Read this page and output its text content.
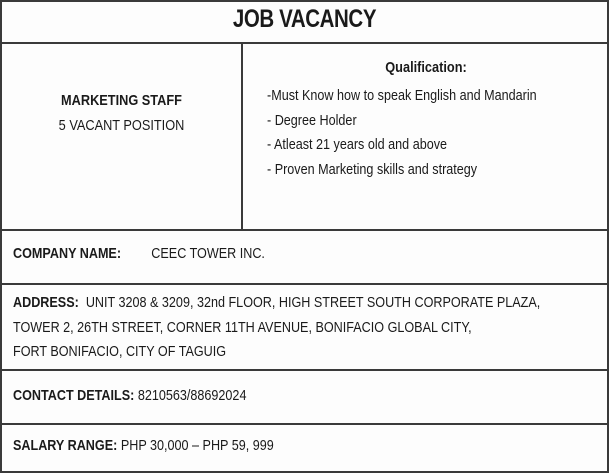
JOB VACANCY
MARKETING STAFF
5 VACANT POSITION
Qualification:
-Must Know how to speak English and Mandarin
- Degree Holder
- Atleast 21 years old and above
- Proven Marketing skills and strategy
COMPANY NAME: CEEC TOWER INC.
ADDRESS: UNIT 3208 & 3209, 32nd FLOOR, HIGH STREET SOUTH CORPORATE PLAZA,
TOWER 2, 26TH STREET, CORNER 11TH AVENUE, BONIFACIO GLOBAL CITY,
FORT BONIFACIO, CITY OF TAGUIG
CONTACT DETAILS: 8210563/88692024
SALARY RANGE: PHP 30,000 – PHP 59, 999
